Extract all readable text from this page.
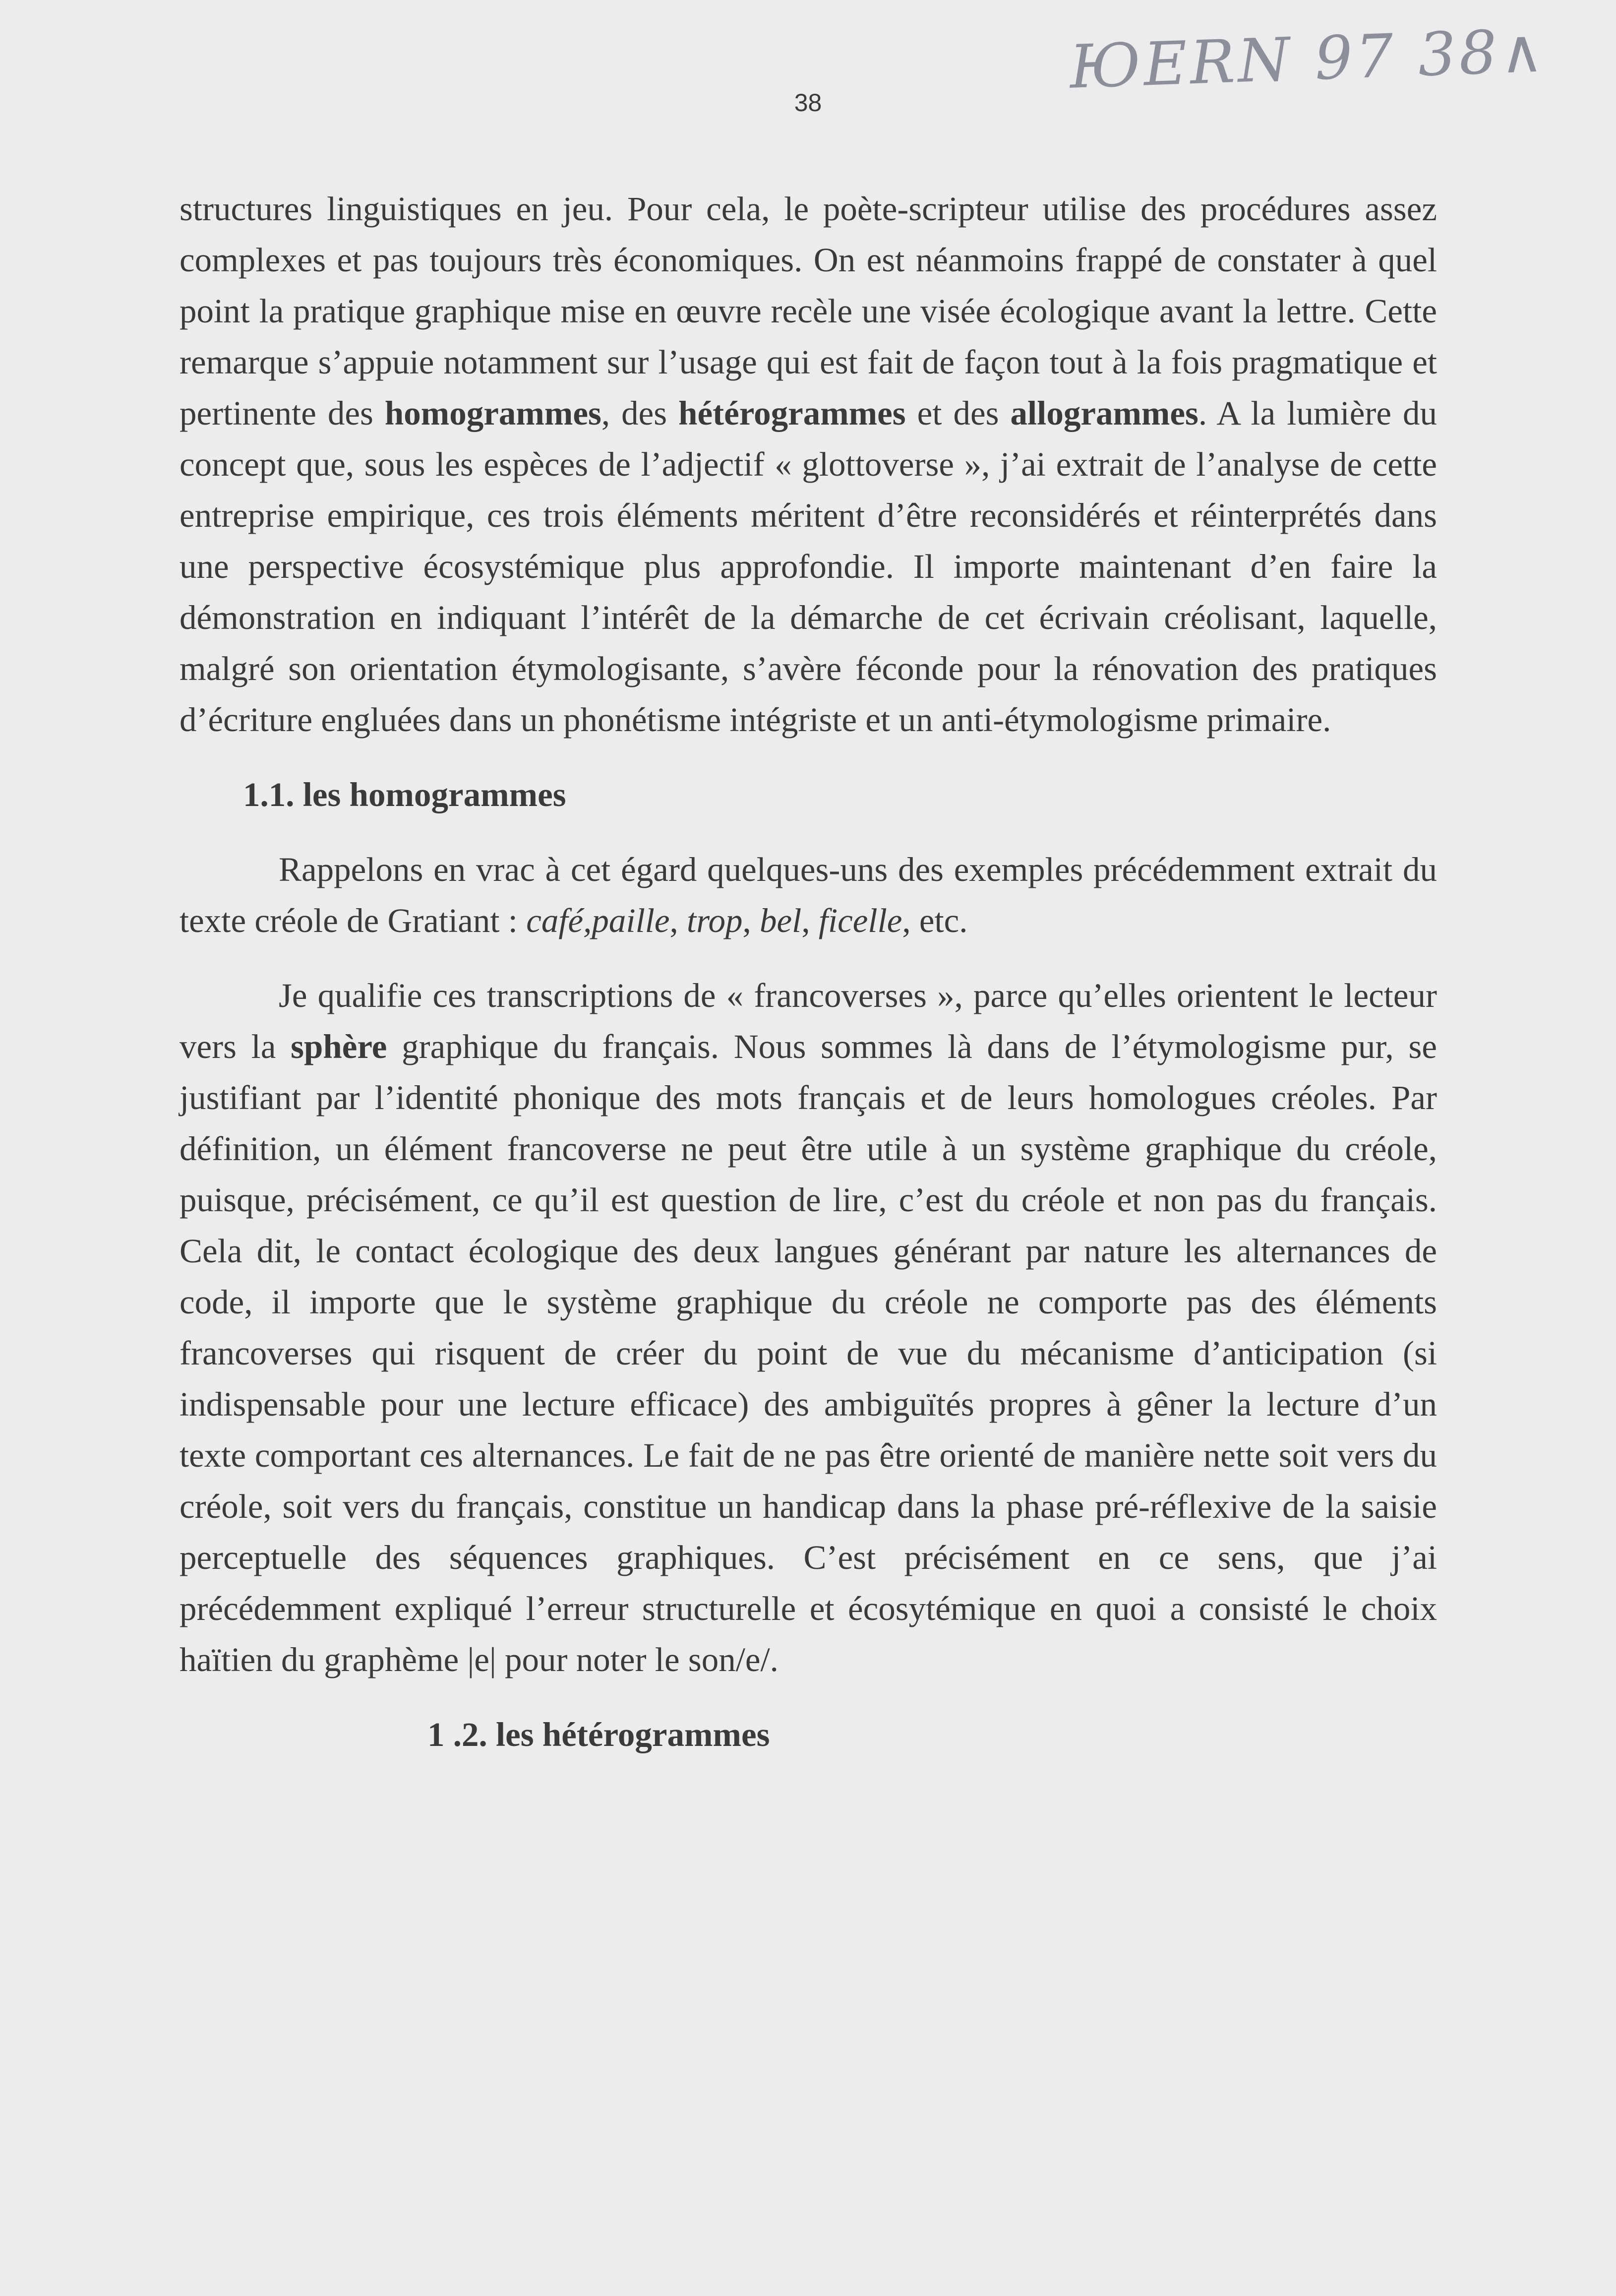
ЮERN 97 38∧
38

structures linguistiques en jeu. Pour cela, le poète-scripteur utilise des procédures assez complexes et pas toujours très économiques. On est néanmoins frappé de constater à quel point la pratique graphique mise en œuvre recèle une visée écologique avant la lettre. Cette remarque s’appuie notamment sur l’usage qui est fait de façon tout à la fois pragmatique et pertinente des homogrammes, des hétérogrammes et des allogrammes. A la lumière du concept que, sous les espèces de l’adjectif « glottoverse », j’ai extrait de l’analyse de cette entreprise empirique, ces trois éléments méritent d’être reconsidérés et réinterprétés dans une perspective écosystémique plus approfondie. Il importe maintenant d’en faire la démonstration en indiquant l’intérêt de la démarche de cet écrivain créolisant, laquelle, malgré son orientation étymologisante, s’avère féconde pour la rénovation des pratiques d’écriture engluées dans un phonétisme intégriste et un anti-étymologisme primaire.

1.1. les homogrammes

Rappelons en vrac à cet égard quelques-uns des exemples précédemment extrait du texte créole de Gratiant : café,paille, trop, bel, ficelle, etc.

Je qualifie ces transcriptions de « francoverses », parce qu’elles orientent le lecteur vers la sphère graphique du français. Nous sommes là dans de l’étymologisme pur, se justifiant par l’identité phonique des mots français et de leurs homologues créoles. Par définition, un élément francoverse ne peut être utile à un système graphique du créole, puisque, précisément, ce qu’il est question de lire, c’est du créole et non pas du français. Cela dit, le contact écologique des deux langues générant par nature les alternances de code, il importe que le système graphique du créole ne comporte pas des éléments francoverses qui risquent de créer du point de vue du mécanisme d’anticipation (si indispensable pour une lecture efficace) des ambiguïtés propres à gêner la lecture d’un texte comportant ces alternances. Le fait de ne pas être orienté de manière nette soit vers du créole, soit vers du français, constitue un handicap dans la phase pré-réflexive de la saisie perceptuelle des séquences graphiques. C’est précisément en ce sens, que j’ai précédemment expliqué l’erreur structurelle et écosytémique en quoi a consisté le choix haïtien du graphème |e| pour noter le son/e/.

1 .2. les hétérogrammes
